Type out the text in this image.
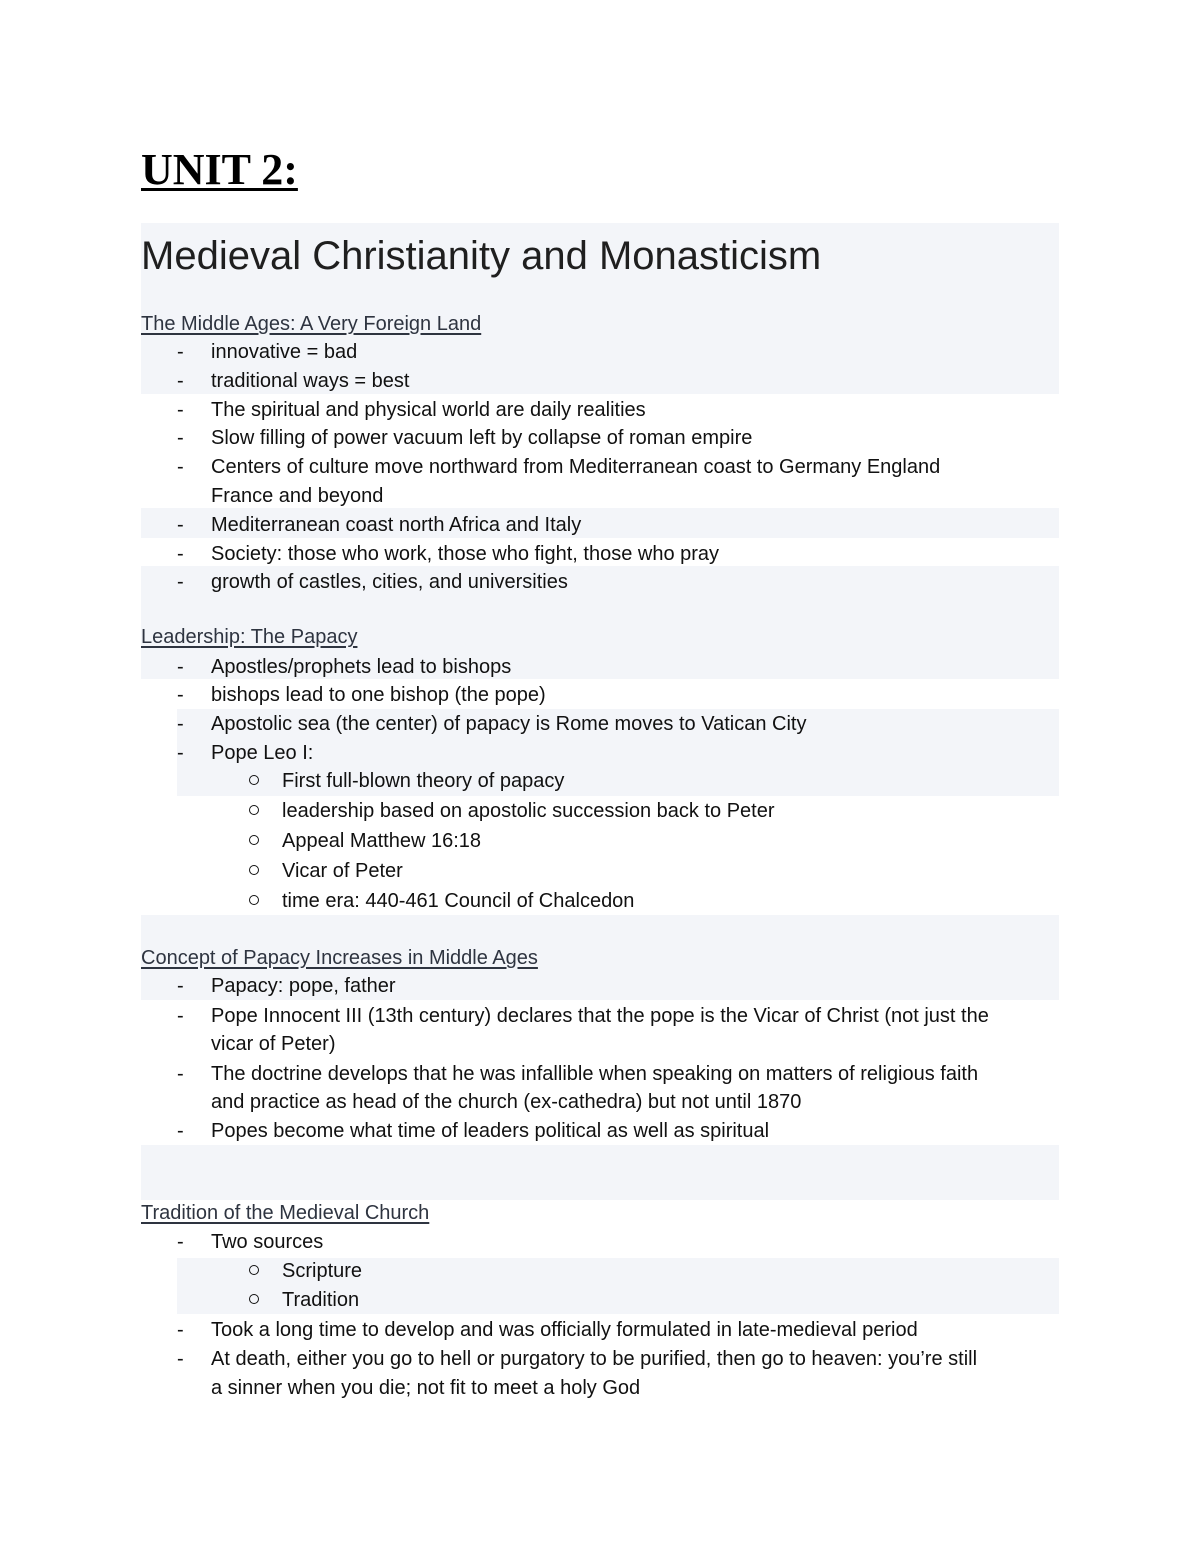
UNIT 2:
Medieval Christianity and Monasticism
The Middle Ages: A Very Foreign Land
- innovative = bad
- traditional ways = best
- The spiritual and physical world are daily realities
- Slow filling of power vacuum left by collapse of roman empire
- Centers of culture move northward from Mediterranean coast to Germany England
France and beyond
- Mediterranean coast north Africa and Italy
- Society: those who work, those who fight, those who pray
- growth of castles, cities, and universities
Leadership: The Papacy
- Apostles/prophets lead to bishops
- bishops lead to one bishop (the pope)
- Apostolic sea (the center) of papacy is Rome moves to Vatican City
- Pope Leo I:
First full-blown theory of papacy
leadership based on apostolic succession back to Peter
Appeal Matthew 16:18
Vicar of Peter
time era: 440-461 Council of Chalcedon
Concept of Papacy Increases in Middle Ages
- Papacy: pope, father
- Pope Innocent III (13th century) declares that the pope is the Vicar of Christ (not just the
vicar of Peter)
- The doctrine develops that he was infallible when speaking on matters of religious faith
and practice as head of the church (ex-cathedra) but not until 1870
- Popes become what time of leaders political as well as spiritual
Tradition of the Medieval Church
- Two sources
Scripture
Tradition
- Took a long time to develop and was officially formulated in late-medieval period
- At death, either you go to hell or purgatory to be purified, then go to heaven: you’re still
a sinner when you die; not fit to meet a holy God
